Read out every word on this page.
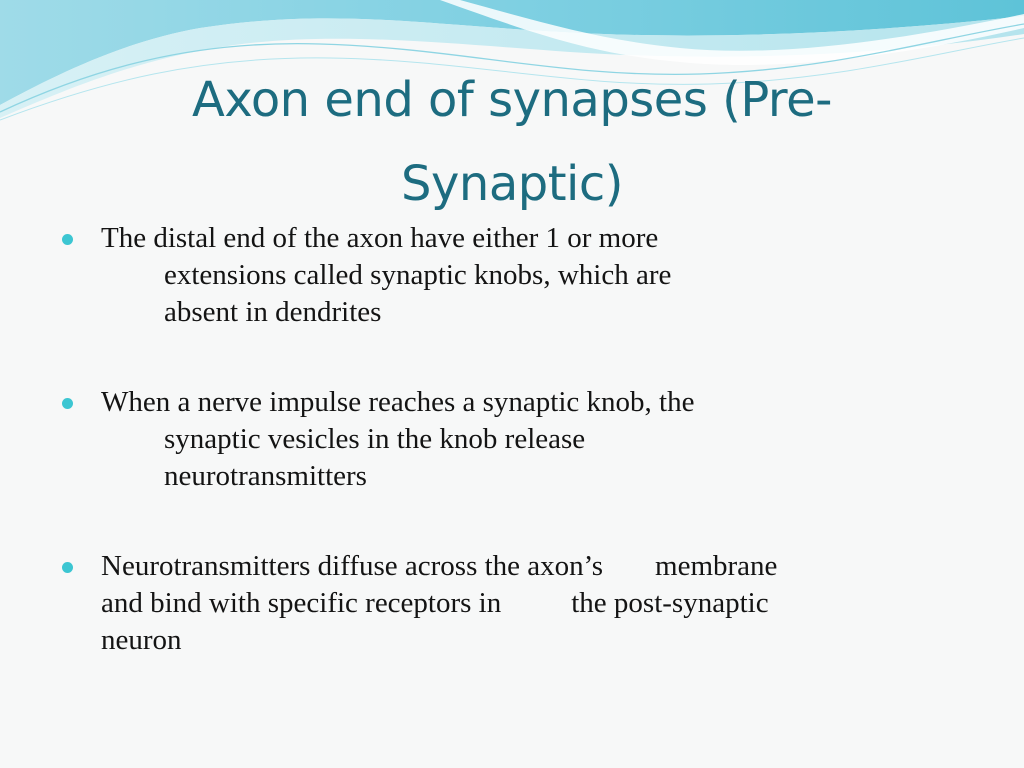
Axon end of synapses (Pre-
Synaptic)
The distal end of the axon have either 1 or more
extensions called synaptic knobs, which are
absent in dendrites
When a nerve impulse reaches a synaptic knob, the
synaptic vesicles in the knob release
neurotransmitters
Neurotransmitters diffuse across the axon’s membrane
and bind with specific receptors in the post-synaptic
neuron
